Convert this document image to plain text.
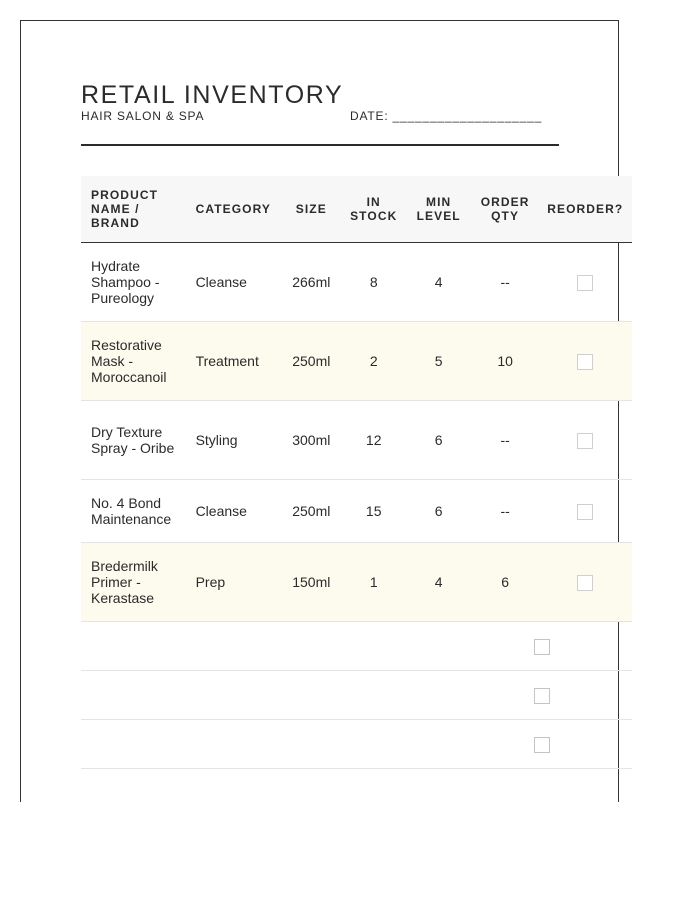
RETAIL INVENTORY
HAIR SALON & SPA	DATE: ____________________
PRODUCT NAME / BRAND	CATEGORY	SIZE	IN STOCK	MIN LEVEL	ORDER QTY	REORDER?
Hydrate Shampoo - Pureology	Cleanse	266ml	8	4	--	
Restorative Mask - Moroccanoil	Treatment	250ml	2	5	10	
Dry Texture Spray - Oribe	Styling	300ml	12	6	--	
No. 4 Bond Maintenance	Cleanse	250ml	15	6	--	
Bredermilk Primer - Kerastase	Prep	150ml	1	4	6	
